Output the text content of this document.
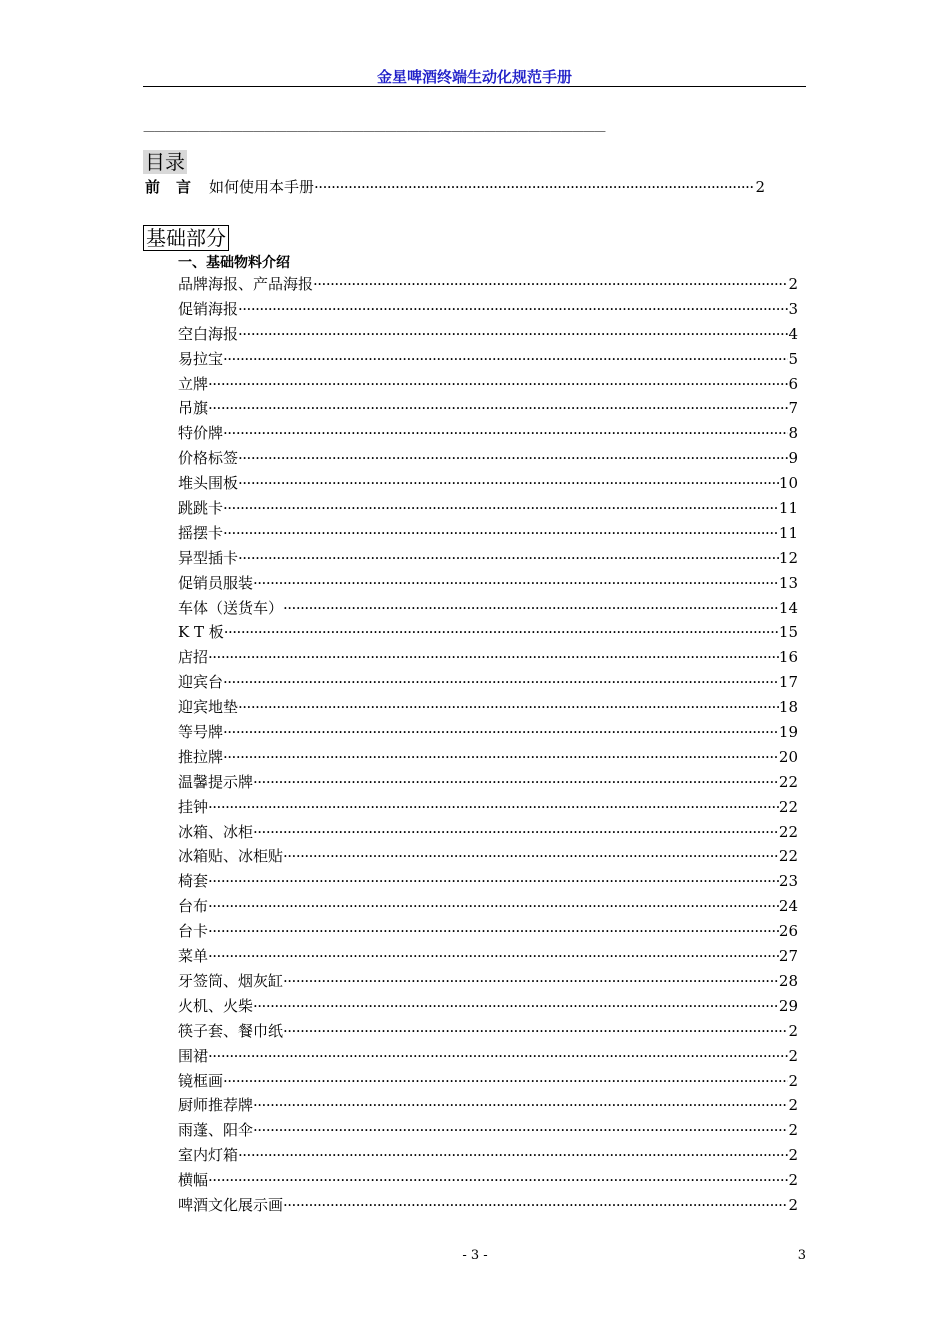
金星啤酒终端生动化规范手册
——————————————————————————————————————————
目录
前言 如何使用本手册 ·····	2
基础部分
一、基础物料介绍
品牌海报、产品海报 ·····	2
促销海报 ·····	3
空白海报 ·····	4
易拉宝 ·····	5
立牌 ·····	6
吊旗 ·····	7
特价牌 ·····	8
价格标签 ·····	9
堆头围板 ·····	10
跳跳卡 ·····	11
摇摆卡 ·····	11
异型插卡 ·····	12
促销员服装 ·····	13
车体（送货车） ·····	14
K T 板 ·····	15
店招 ·····	16
迎宾台 ·····	17
迎宾地垫 ·····	18
等号牌 ·····	19
推拉牌 ·····	20
温馨提示牌 ·····	22
挂钟 ·····	22
冰箱、冰柜 ·····	22
冰箱贴、冰柜贴 ·····	22
椅套 ·····	23
台布 ·····	24
台卡 ·····	26
菜单 ·····	27
牙签筒、烟灰缸 ·····	28
火机、火柴 ·····	29
筷子套、餐巾纸 ·····	2
围裙 ·····	2
镜框画 ·····	2
厨师推荐牌 ·····	2
雨蓬、阳伞 ·····	2
室内灯箱 ·····	2
横幅 ·····	2
啤酒文化展示画 ·····	2
- 3 -	3
